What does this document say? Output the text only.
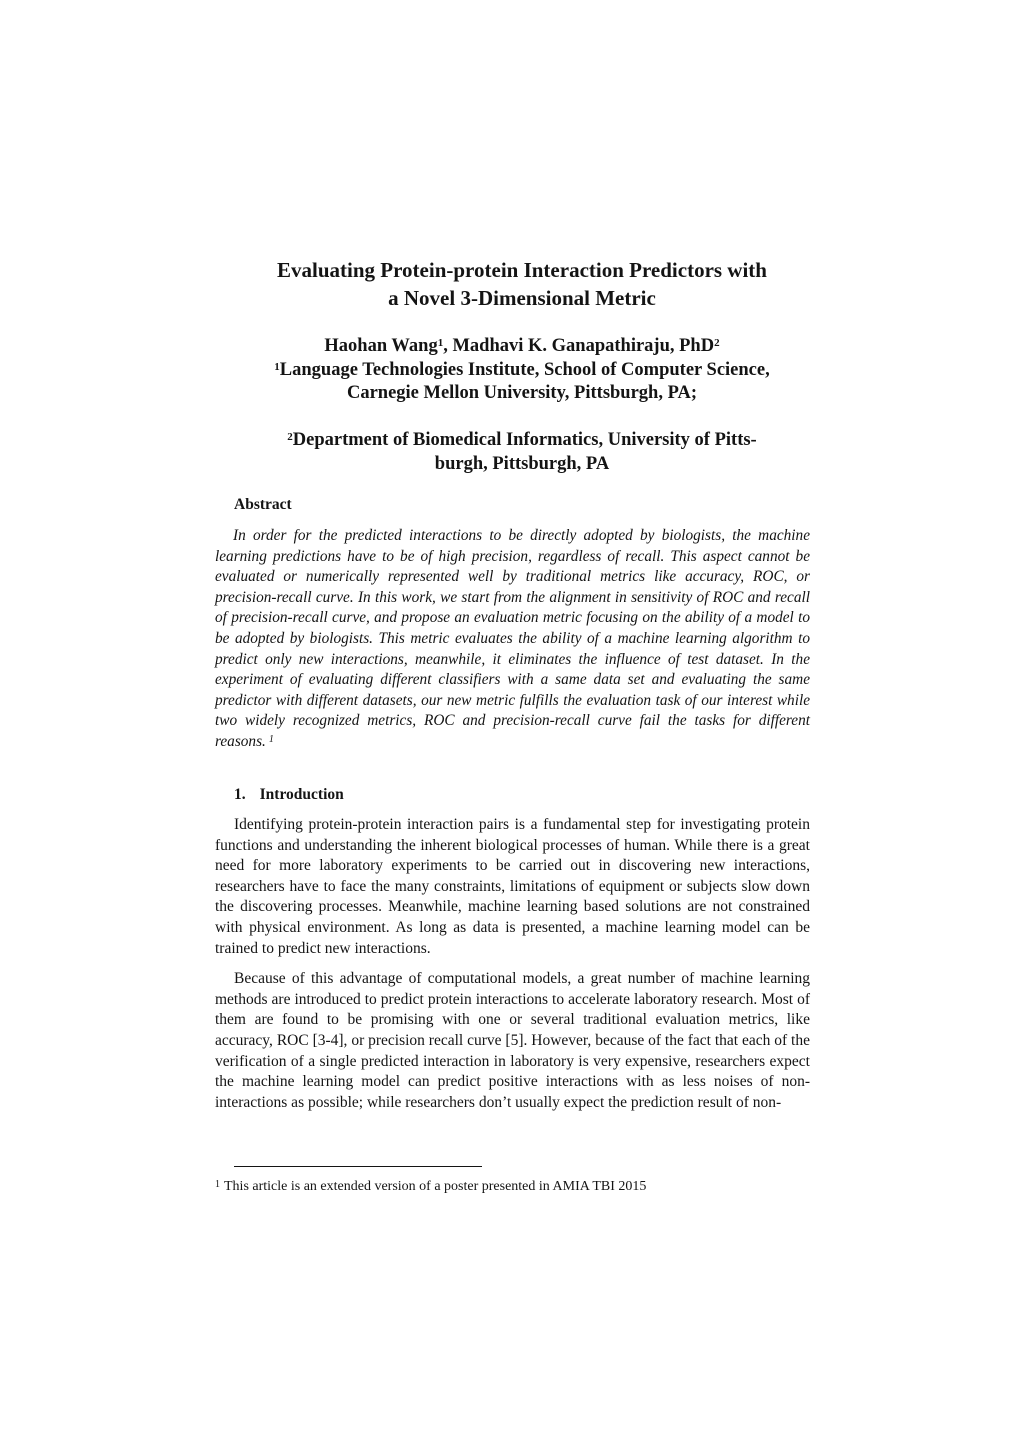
Evaluating Protein-protein Interaction Predictors with
a Novel 3-Dimensional Metric
Haohan Wang$^1$, Madhavi K. Ganapathiraju, PhD$^2$
$^1$Language Technologies Institute, School of Computer Science,
Carnegie Mellon University, Pittsburgh, PA;
$^2$Department of Biomedical Informatics, University of Pitts-
burgh, Pittsburgh, PA
Abstract

In order for the predicted interactions to be directly adopted by biologists, the machine learning predictions have to be of high precision, regardless of recall. This aspect cannot be evaluated or numerically represented well by traditional metrics like accuracy, ROC, or precision-recall curve. In this work, we start from the alignment in sensitivity of ROC and recall of precision-recall curve, and propose an evaluation metric focusing on the ability of a model to be adopted by biologists. This metric evaluates the ability of a machine learning algorithm to predict only new interactions, meanwhile, it eliminates the influence of test dataset. In the experiment of evaluating different classifiers with a same data set and evaluating the same predictor with different datasets, our new metric fulfills the evaluation task of our interest while two widely recognized metrics, ROC and precision-recall curve fail the tasks for different reasons. $^1$

1. Introduction

Identifying protein-protein interaction pairs is a fundamental step for investigating protein functions and understanding the inherent biological processes of human. While there is a great need for more laboratory experiments to be carried out in discovering new interactions, researchers have to face the many constraints, limitations of equipment or subjects slow down the discovering processes. Meanwhile, machine learning based solutions are not constrained with physical environment. As long as data is presented, a machine learning model can be trained to predict new interactions.

Because of this advantage of computational models, a great number of machine learning methods are introduced to predict protein interactions to accelerate laboratory research. Most of them are found to be promising with one or several traditional evaluation metrics, like accuracy, ROC [3-4], or precision recall curve [5]. However, because of the fact that each of the verification of a single predicted interaction in laboratory is very expensive, researchers expect the machine learning model can predict positive interactions with as less noises of non-interactions as possible; while researchers don’t usually expect the prediction result of non-

$^1$ This article is an extended version of a poster presented in AMIA TBI 2015
